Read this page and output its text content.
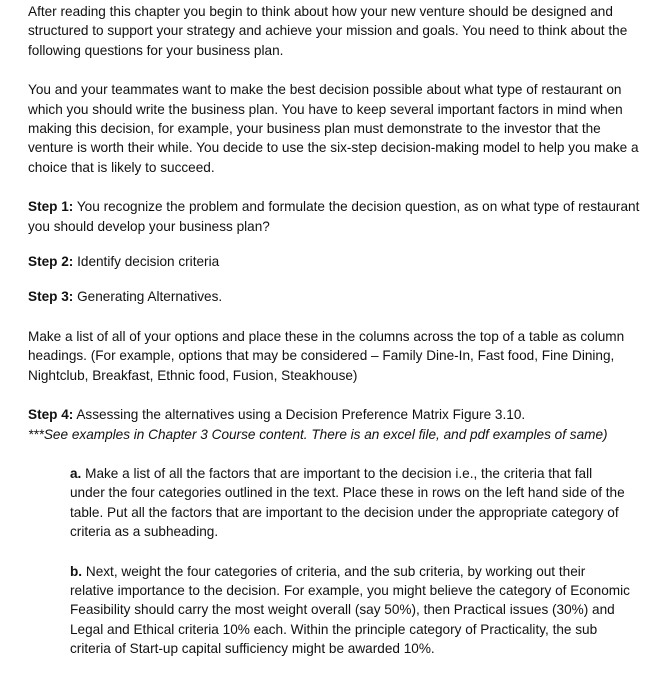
After reading this chapter you begin to think about how your new venture should be designed and structured to support your strategy and achieve your mission and goals. You need to think about the following questions for your business plan.

You and your teammates want to make the best decision possible about what type of restaurant on which you should write the business plan. You have to keep several important factors in mind when making this decision, for example, your business plan must demonstrate to the investor that the venture is worth their while. You decide to use the six-step decision-making model to help you make a choice that is likely to succeed.

Step 1: You recognize the problem and formulate the decision question, as on what type of restaurant you should develop your business plan?

Step 2: Identify decision criteria

Step 3: Generating Alternatives.

Make a list of all of your options and place these in the columns across the top of a table as column headings. (For example, options that may be considered – Family Dine-In, Fast food, Fine Dining, Nightclub, Breakfast, Ethnic food, Fusion, Steakhouse)

Step 4: Assessing the alternatives using a Decision Preference Matrix Figure 3.10.
***See examples in Chapter 3 Course content. There is an excel file, and pdf examples of same)

a. Make a list of all the factors that are important to the decision i.e., the criteria that fall under the four categories outlined in the text. Place these in rows on the left hand side of the table. Put all the factors that are important to the decision under the appropriate category of criteria as a subheading.

b. Next, weight the four categories of criteria, and the sub criteria, by working out their relative importance to the decision. For example, you might believe the category of Economic Feasibility should carry the most weight overall (say 50%), then Practical issues (30%) and Legal and Ethical criteria 10% each. Within the principle category of Practicality, the sub criteria of Start-up capital sufficiency might be awarded 10%.
